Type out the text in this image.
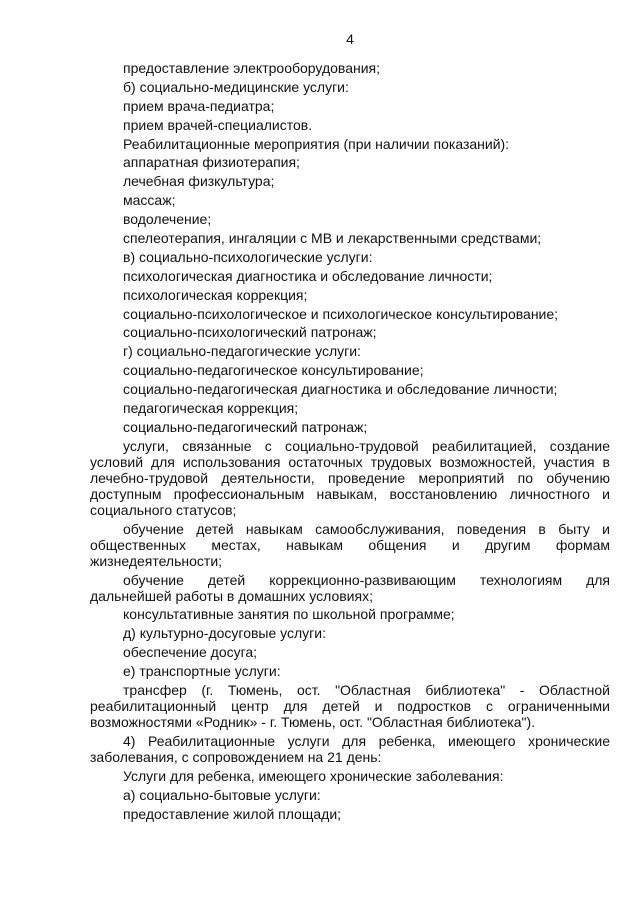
4

предоставление электрооборудования;

б) социально-медицинские услуги:

прием врача-педиатра;

прием врачей-специалистов.

Реабилитационные мероприятия (при наличии показаний):

аппаратная физиотерапия;

лечебная физкультура;

массаж;

водолечение;

спелеотерапия, ингаляции с МВ и лекарственными средствами;

в) социально-психологические услуги:

психологическая диагностика и обследование личности;

психологическая коррекция;

социально-психологическое и психологическое консультирование;

социально-психологический патронаж;

г) социально-педагогические услуги:

социально-педагогическое консультирование;

социально-педагогическая диагностика и обследование личности;

педагогическая коррекция;

социально-педагогический патронаж;

услуги, связанные с социально-трудовой реабилитацией, создание условий для использования остаточных трудовых возможностей, участия в лечебно-трудовой деятельности, проведение мероприятий по обучению доступным профессиональным навыкам, восстановлению личностного и социального статусов;

обучение детей навыкам самообслуживания, поведения в быту и общественных местах, навыкам общения и другим формам жизнедеятельности;

обучение детей коррекционно-развивающим технологиям для дальнейшей работы в домашних условиях;

консультативные занятия по школьной программе;

д) культурно-досуговые услуги:

обеспечение досуга;

е) транспортные услуги:

трансфер (г. Тюмень, ост. "Областная библиотека" - Областной реабилитационный центр для детей и подростков с ограниченными возможностями «Родник» - г. Тюмень, ост. "Областная библиотека").

4) Реабилитационные услуги для ребенка, имеющего хронические заболевания, с сопровождением на 21 день:

Услуги для ребенка, имеющего хронические заболевания:

а) социально-бытовые услуги:

предоставление жилой площади;
